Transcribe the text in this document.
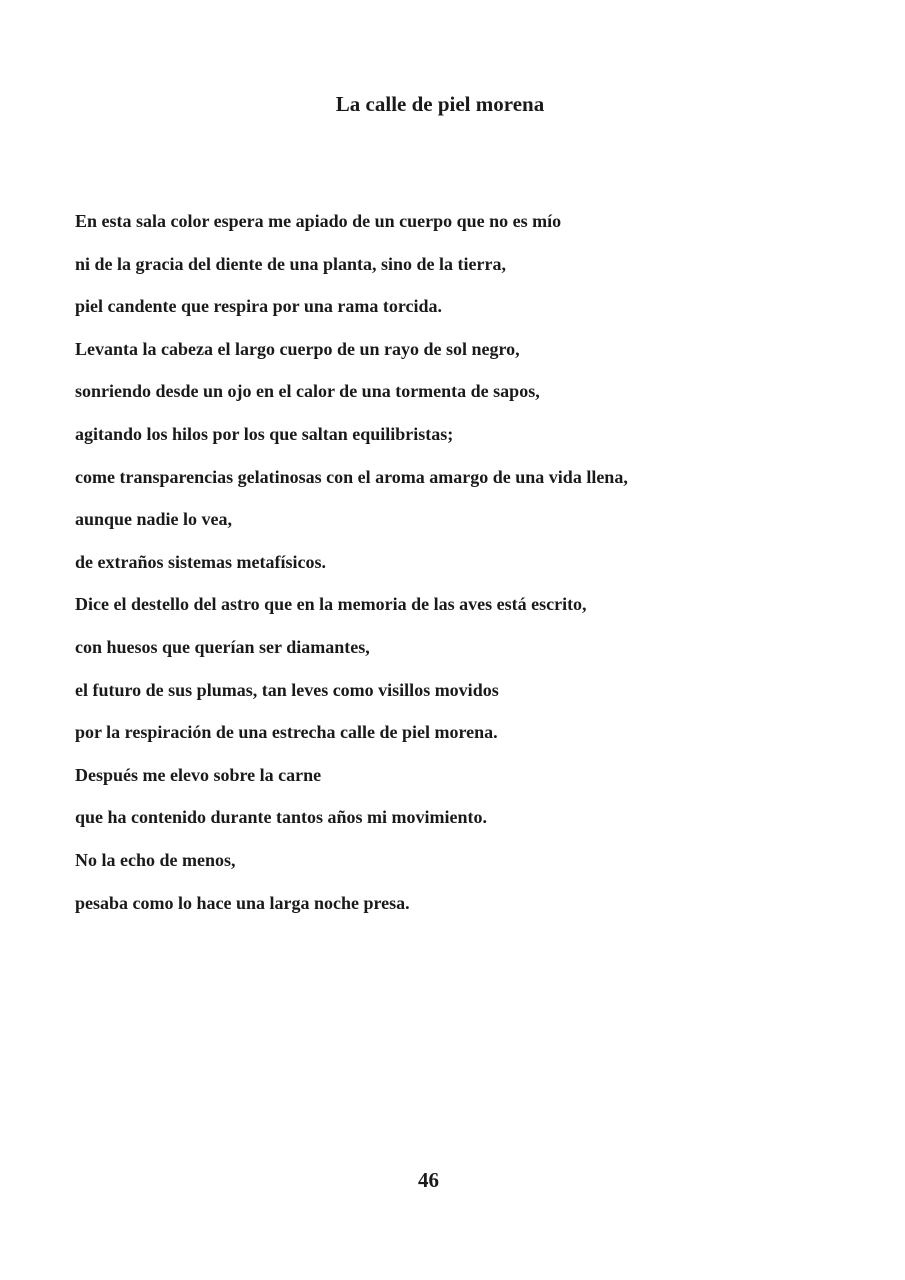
La calle de piel morena
En esta sala color espera me apiado de un cuerpo que no es mío
ni de la gracia del diente de una planta, sino de la tierra,
piel candente que respira por una rama torcida.
Levanta la cabeza el largo cuerpo de un rayo de sol negro,
sonriendo desde un ojo en el calor de una tormenta de sapos,
agitando los hilos por los que saltan equilibristas;
come transparencias gelatinosas con el aroma amargo de una vida llena,
aunque nadie lo vea,
de extraños sistemas metafísicos.
Dice el destello del astro que en la memoria de las aves está escrito,
con huesos que querían ser diamantes,
el futuro de sus plumas, tan leves como visillos movidos
por la respiración de una estrecha calle de piel morena.
Después me elevo sobre la carne
que ha contenido durante tantos años mi movimiento.
No la echo de menos,
pesaba como lo hace una larga noche presa.
46
